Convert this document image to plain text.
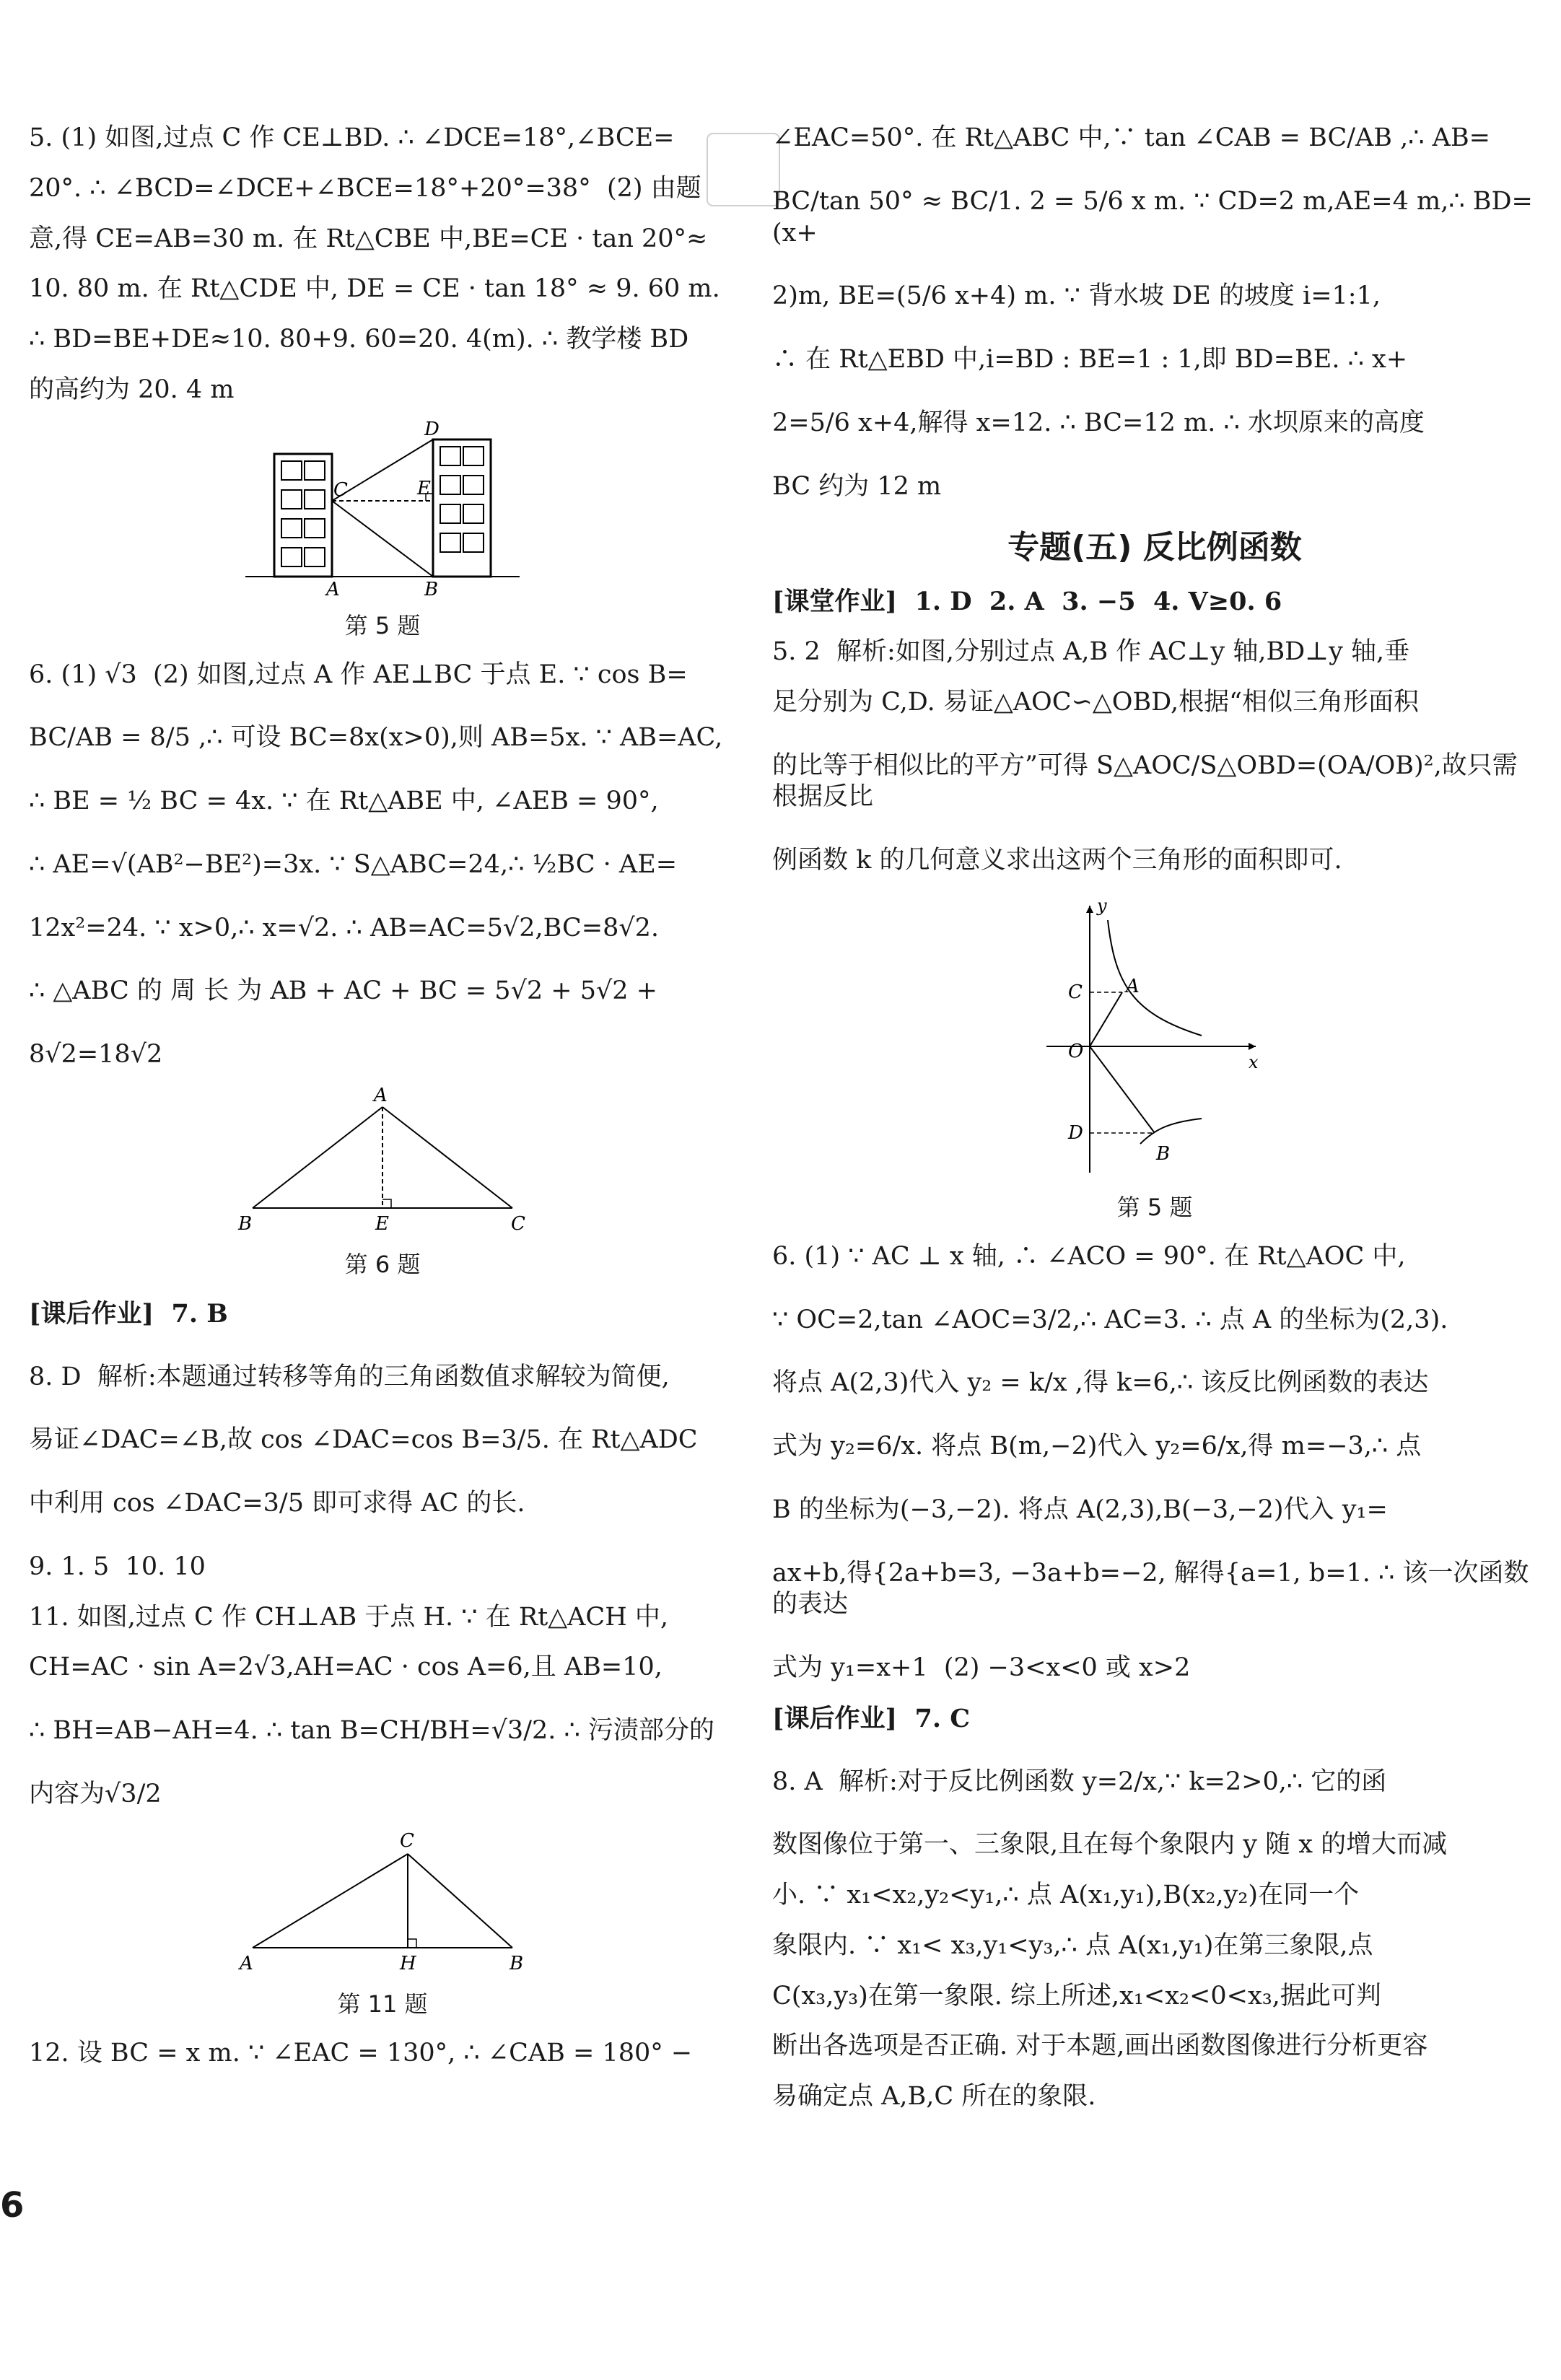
5. (1) 如图,过点 C 作 CE⊥BD. ∴ ∠DCE=18°,∠BCE=
20°. ∴ ∠BCD=∠DCE+∠BCE=18°+20°=38°  (2) 由题
意,得 CE=AB=30 m. 在 Rt△CBE 中,BE=CE · tan 20°≈
10. 80 m. 在 Rt△CDE 中, DE = CE · tan 18° ≈ 9. 60 m.
∴ BD=BE+DE≈10. 80+9. 60=20. 4(m). ∴ 教学楼 BD
的高约为 20. 4 m
C	E
D
A	B
第 5 题
6. (1) √3  (2) 如图,过点 A 作 AE⊥BC 于点 E. ∵ cos B=
BC/AB = 8/5 ,∴ 可设 BC=8x(x>0),则 AB=5x. ∵ AB=AC,
∴ BE = ½ BC = 4x. ∵ 在 Rt△ABE 中, ∠AEB = 90°,
∴ AE=√(AB²−BE²)=3x. ∵ S△ABC=24,∴ ½BC · AE=
12x²=24. ∵ x>0,∴ x=√2. ∴ AB=AC=5√2,BC=8√2.
∴ △ABC 的 周 长 为 AB + AC + BC = 5√2 + 5√2 +
8√2=18√2
A
B	E	C
第 6 题
[课后作业]  7. B
8. D  解析:本题通过转移等角的三角函数值求解较为简便,
易证∠DAC=∠B,故 cos ∠DAC=cos B=3/5. 在 Rt△ADC
中利用 cos ∠DAC=3/5 即可求得 AC 的长.
9. 1. 5  10. 10
11. 如图,过点 C 作 CH⊥AB 于点 H. ∵ 在 Rt△ACH 中,
CH=AC · sin A=2√3,AH=AC · cos A=6,且 AB=10,
∴ BH=AB−AH=4. ∴ tan B=CH/BH=√3/2. ∴ 污渍部分的
内容为√3/2
C
A	H	B
第 11 题
12. 设 BC = x m. ∵ ∠EAC = 130°, ∴ ∠CAB = 180° −
∠EAC=50°. 在 Rt△ABC 中,∵ tan ∠CAB = BC/AB ,∴ AB=
BC/tan 50° ≈ BC/1. 2 = 5/6 x m. ∵ CD=2 m,AE=4 m,∴ BD=(x+
2)m, BE=(5/6 x+4) m. ∵ 背水坡 DE 的坡度 i=1:1,
∴ 在 Rt△EBD 中,i=BD : BE=1 : 1,即 BD=BE. ∴ x+
2=5/6 x+4,解得 x=12. ∴ BC=12 m. ∴ 水坝原来的高度
BC 约为 12 m
专题(五) 反比例函数
[课堂作业]  1. D  2. A  3. −5  4. V≥0. 6
5. 2  解析:如图,分别过点 A,B 作 AC⊥y 轴,BD⊥y 轴,垂
足分别为 C,D. 易证△AOC∽△OBD,根据“相似三角形面积
的比等于相似比的平方”可得 S△AOC/S△OBD=(OA/OB)²,故只需根据反比
例函数 k 的几何意义求出这两个三角形的面积即可.
y
C A
O	x
D
B
第 5 题
6. (1) ∵ AC ⊥ x 轴, ∴ ∠ACO = 90°. 在 Rt△AOC 中,
∵ OC=2,tan ∠AOC=3/2,∴ AC=3. ∴ 点 A 的坐标为(2,3).
将点 A(2,3)代入 y₂ = k/x ,得 k=6,∴ 该反比例函数的表达
式为 y₂=6/x. 将点 B(m,−2)代入 y₂=6/x,得 m=−3,∴ 点
B 的坐标为(−3,−2). 将点 A(2,3),B(−3,−2)代入 y₁=
ax+b,得{2a+b=3, −3a+b=−2, 解得{a=1, b=1. ∴ 该一次函数的表达
式为 y₁=x+1  (2) −3<x<0 或 x>2
[课后作业]  7. C
8. A  解析:对于反比例函数 y=2/x,∵ k=2>0,∴ 它的函
数图像位于第一、三象限,且在每个象限内 y 随 x 的增大而减
小. ∵ x₁<x₂,y₂<y₁,∴ 点 A(x₁,y₁),B(x₂,y₂)在同一个
象限内. ∵ x₁< x₃,y₁<y₃,∴ 点 A(x₁,y₁)在第三象限,点
C(x₃,y₃)在第一象限. 综上所述,x₁<x₂<0<x₃,据此可判
断出各选项是否正确. 对于本题,画出函数图像进行分析更容
易确定点 A,B,C 所在的象限.
6
